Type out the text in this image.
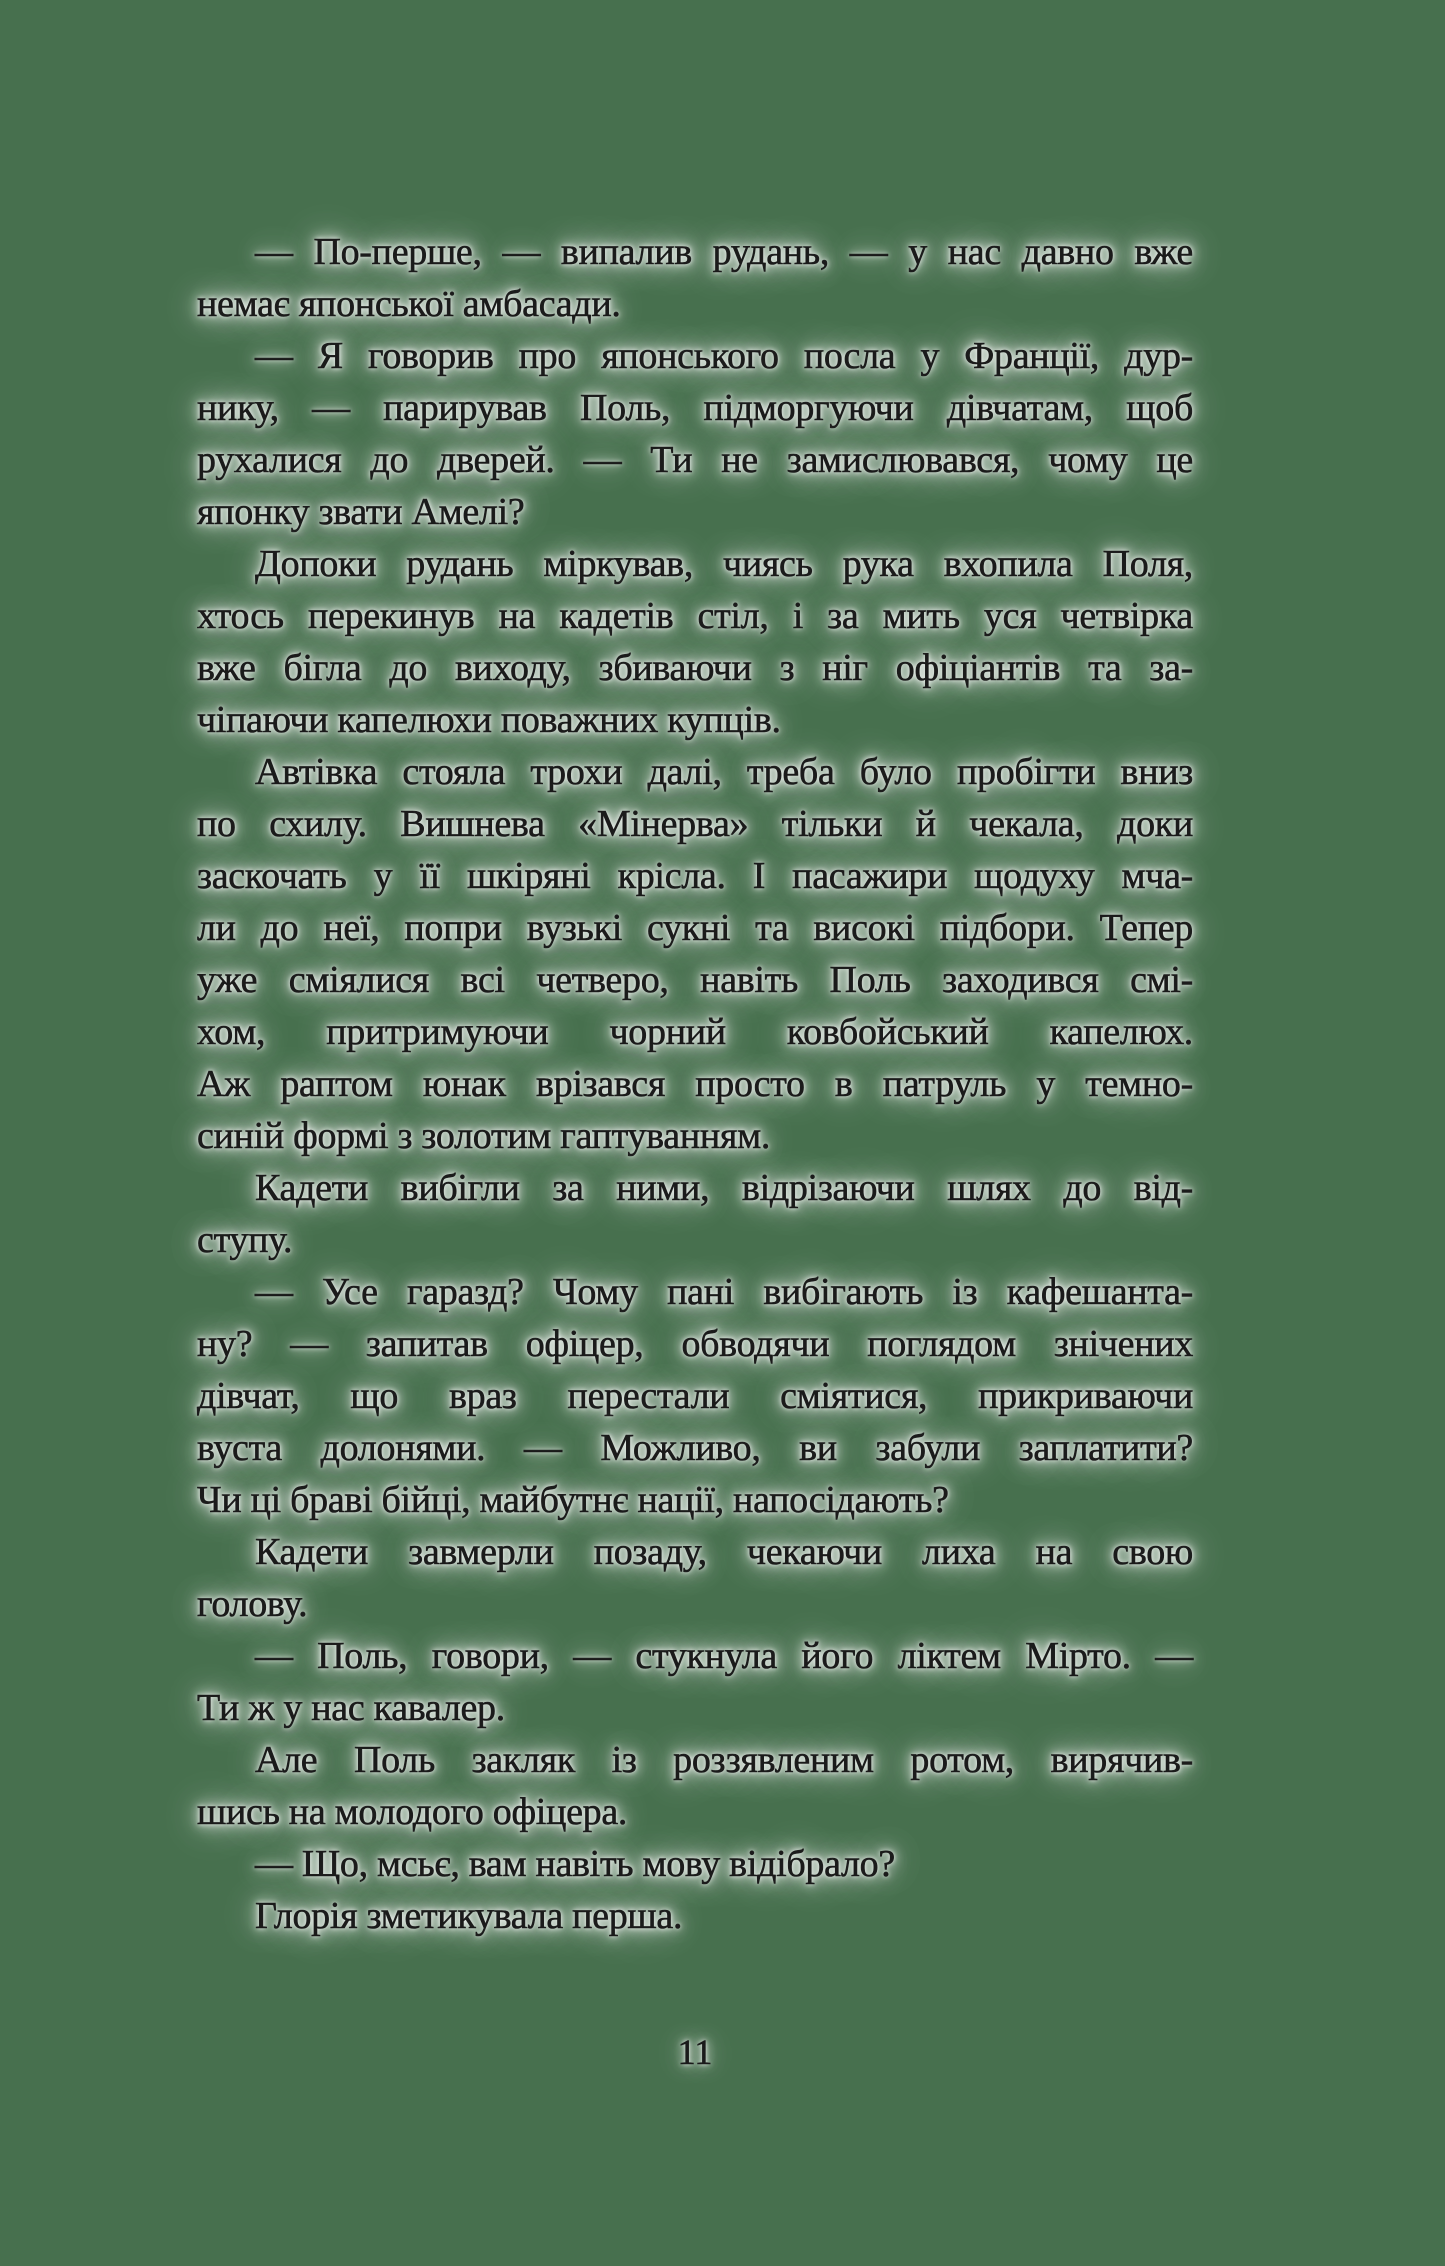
— По-перше, — випалив рудань, — у нас давно вже
немає японської амбасади.
— Я говорив про японського посла у Франції, дур-
нику, — парирував Поль, підморгуючи дівчатам, щоб
рухалися до дверей. — Ти не замислювався, чому це
японку звати Амелі?
Допоки рудань міркував, чиясь рука вхопила Поля,
хтось перекинув на кадетів стіл, і за мить уся четвірка
вже бігла до виходу, збиваючи з ніг офіціантів та за-
чіпаючи капелюхи поважних купців.
Автівка стояла трохи далі, треба було пробігти вниз
по схилу. Вишнева «Мінерва» тільки й чекала, доки
заскочать у її шкіряні крісла. І пасажири щодуху мча-
ли до неї, попри вузькі сукні та високі підбори. Тепер
уже сміялися всі четверо, навіть Поль заходився смі-
хом, притримуючи чорний ковбойський капелюх.
Аж раптом юнак врізався просто в патруль у темно-
синій формі з золотим гаптуванням.
Кадети вибігли за ними, відрізаючи шлях до від-
ступу.
— Усе гаразд? Чому пані вибігають із кафешанта-
ну? — запитав офіцер, обводячи поглядом знічених
дівчат, що враз перестали сміятися, прикриваючи
вуста долонями. — Можливо, ви забули заплатити?
Чи ці браві бійці, майбутнє нації, напосідають?
Кадети завмерли позаду, чекаючи лиха на свою
голову.
— Поль, говори, — стукнула його ліктем Мірто. —
Ти ж у нас кавалер.
Але Поль закляк із роззявленим ротом, вирячив-
шись на молодого офіцера.
— Що, мсьє, вам навіть мову відібрало?
Глорія зметикувала перша.
11
